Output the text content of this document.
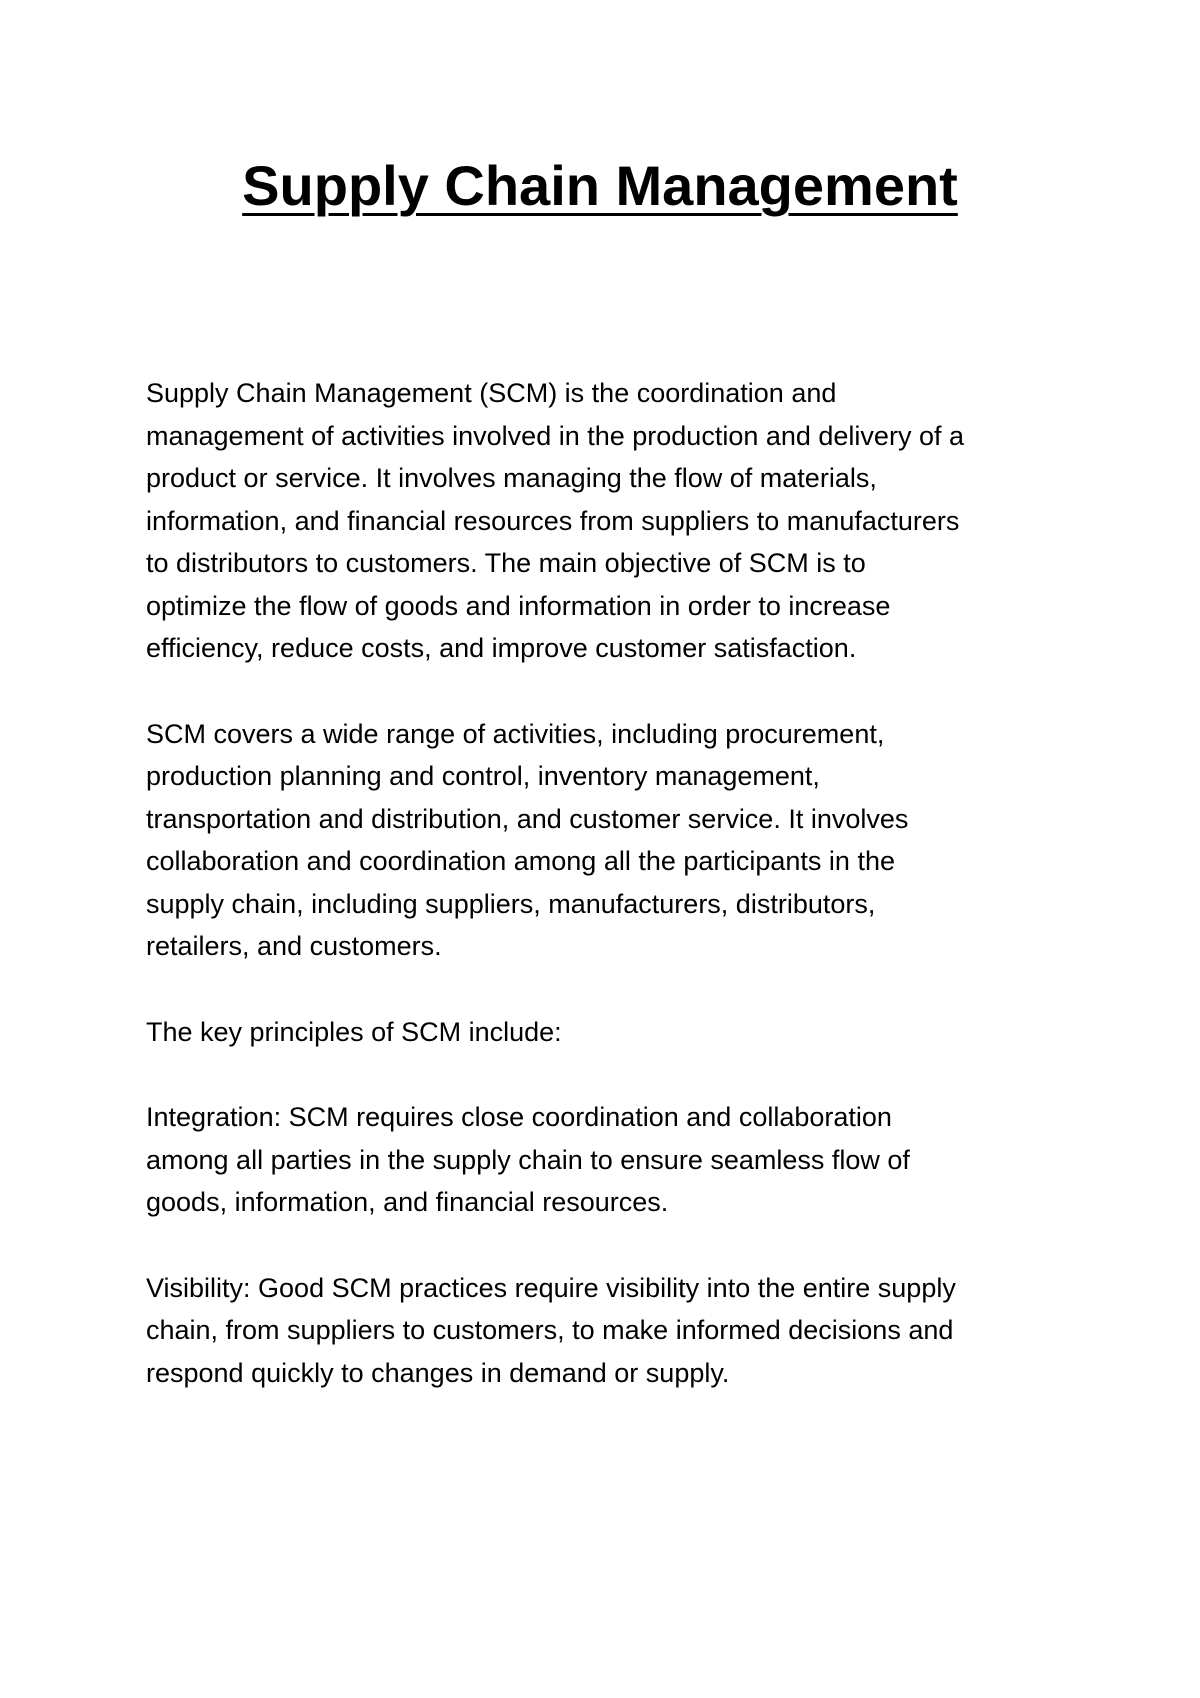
Supply Chain Management

Supply Chain Management (SCM) is the coordination and
management of activities involved in the production and delivery of a
product or service. It involves managing the flow of materials,
information, and financial resources from suppliers to manufacturers
to distributors to customers. The main objective of SCM is to
optimize the flow of goods and information in order to increase
efficiency, reduce costs, and improve customer satisfaction.

SCM covers a wide range of activities, including procurement,
production planning and control, inventory management,
transportation and distribution, and customer service. It involves
collaboration and coordination among all the participants in the
supply chain, including suppliers, manufacturers, distributors,
retailers, and customers.

The key principles of SCM include:

Integration: SCM requires close coordination and collaboration
among all parties in the supply chain to ensure seamless flow of
goods, information, and financial resources.

Visibility: Good SCM practices require visibility into the entire supply
chain, from suppliers to customers, to make informed decisions and
respond quickly to changes in demand or supply.
